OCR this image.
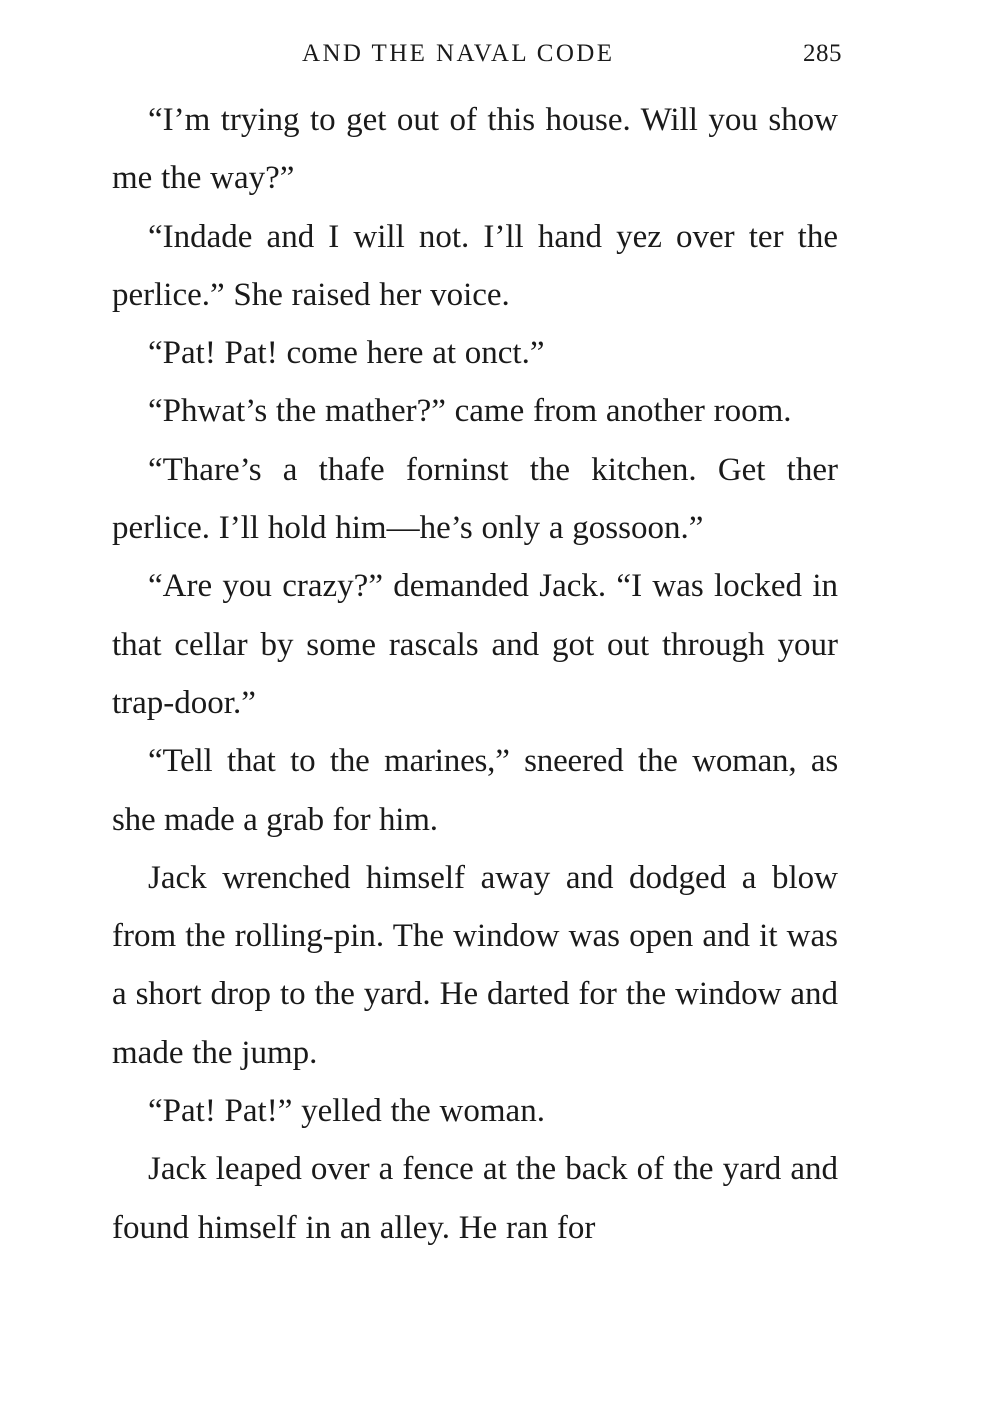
AND THE NAVAL CODE	285

“I’m trying to get out of this house. Will you show me the way?”

“Indade and I will not. I’ll hand yez over ter the perlice.” She raised her voice.

“Pat! Pat! come here at onct.”

“Phwat’s the mather?” came from another room.

“Thare’s a thafe forninst the kitchen. Get ther perlice. I’ll hold him—he’s only a gossoon.”

“Are you crazy?” demanded Jack. “I was locked in that cellar by some rascals and got out through your trap-door.”

“Tell that to the marines,” sneered the woman, as she made a grab for him.

Jack wrenched himself away and dodged a blow from the rolling-pin. The window was open and it was a short drop to the yard. He darted for the window and made the jump.

“Pat! Pat!” yelled the woman.

Jack leaped over a fence at the back of the yard and found himself in an alley. He ran for
